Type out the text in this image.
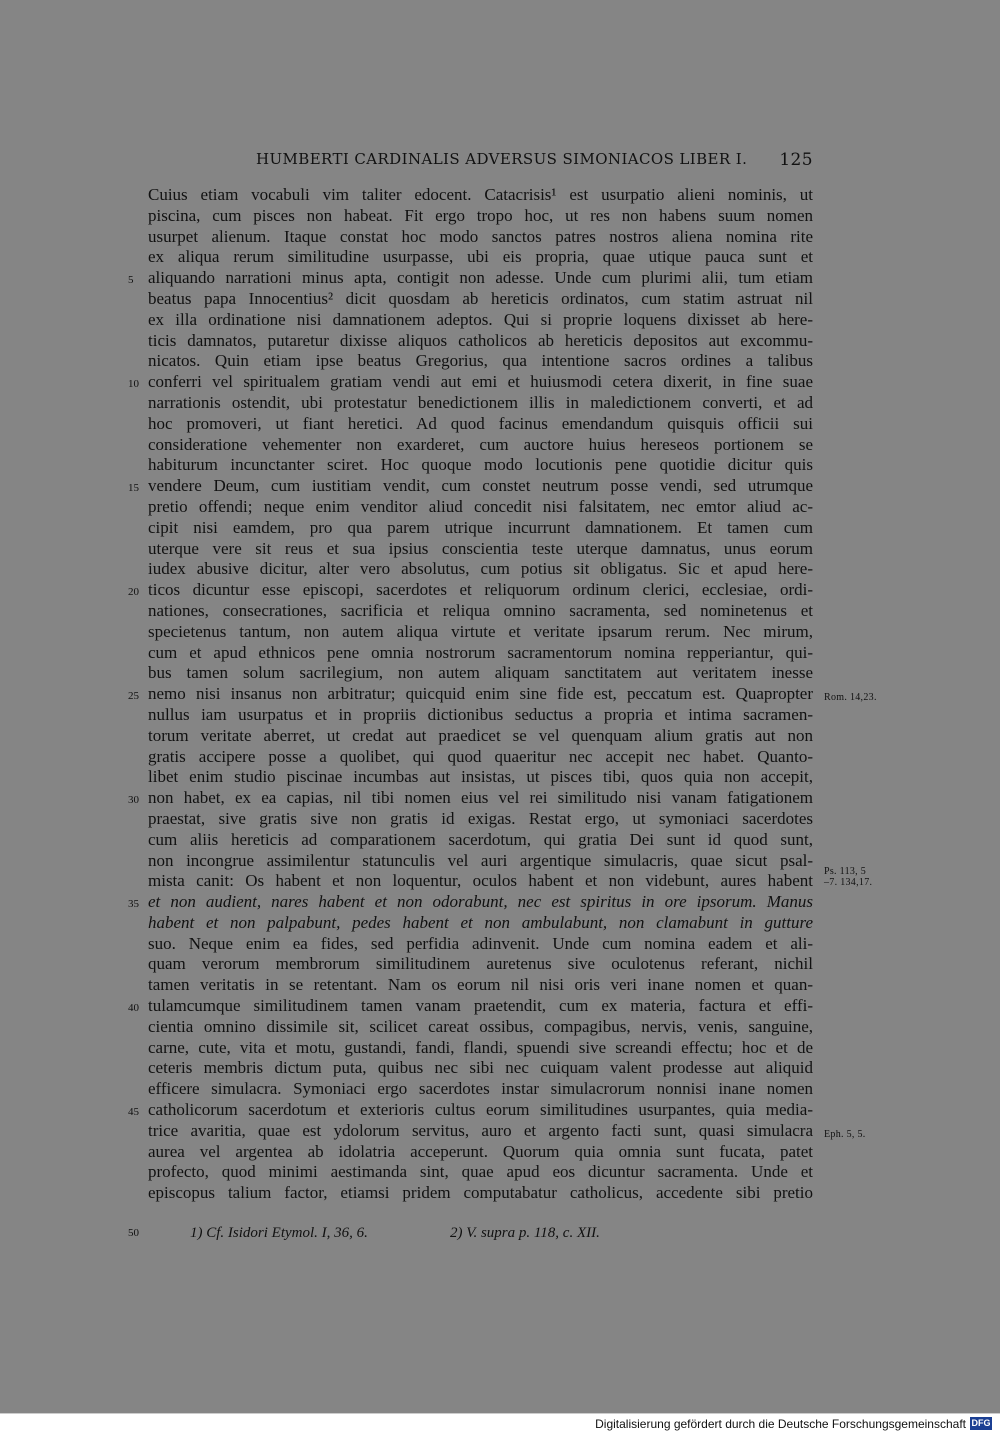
HUMBERTI CARDINALIS ADVERSUS SIMONIACOS LIBER I. 125
Cuius etiam vocabuli vim taliter edocent. Catacrisis¹ est usurpatio alieni nominis, ut
piscina, cum pisces non habeat. Fit ergo tropo hoc, ut res non habens suum nomen
usurpet alienum. Itaque constat hoc modo sanctos patres nostros aliena nomina rite
ex aliqua rerum similitudine usurpasse, ubi eis propria, quae utique pauca sunt et
5 aliquando narrationi minus apta, contigit non adesse. Unde cum plurimi alii, tum etiam
beatus papa Innocentius² dicit quosdam ab hereticis ordinatos, cum statim astruat nil
ex illa ordinatione nisi damnationem adeptos. Qui si proprie loquens dixisset ab here-
ticis damnatos, putaretur dixisse aliquos catholicos ab hereticis depositos aut excommu-
nicatos. Quin etiam ipse beatus Gregorius, qua intentione sacros ordines a talibus
10 conferri vel spiritualem gratiam vendi aut emi et huiusmodi cetera dixerit, in fine suae
narrationis ostendit, ubi protestatur benedictionem illis in maledictionem converti, et ad
hoc promoveri, ut fiant heretici. Ad quod facinus emendandum quisquis officii sui
consideratione vehementer non exarderet, cum auctore huius hereseos portionem se
habiturum incunctanter sciret. Hoc quoque modo locutionis pene quotidie dicitur quis
15 vendere Deum, cum iustitiam vendit, cum constet neutrum posse vendi, sed utrumque
pretio offendi; neque enim venditor aliud concedit nisi falsitatem, nec emtor aliud ac-
cipit nisi eamdem, pro qua parem utrique incurrunt damnationem. Et tamen cum
uterque vere sit reus et sua ipsius conscientia teste uterque damnatus, unus eorum
iudex abusive dicitur, alter vero absolutus, cum potius sit obligatus. Sic et apud here-
20 ticos dicuntur esse episcopi, sacerdotes et reliquorum ordinum clerici, ecclesiae, ordi-
nationes, consecrationes, sacrificia et reliqua omnino sacramenta, sed nominetenus et
specietenus tantum, non autem aliqua virtute et veritate ipsarum rerum. Nec mirum,
cum et apud ethnicos pene omnia nostrorum sacramentorum nomina repperiantur, qui-
bus tamen solum sacrilegium, non autem aliquam sanctitatem aut veritatem inesse
25 nemo nisi insanus non arbitratur; quicquid enim sine fide est, peccatum est. Quapropter Rom. 14,23.
nullus iam usurpatus et in propriis dictionibus seductus a propria et intima sacramen-
torum veritate aberret, ut credat aut praedicet se vel quenquam alium gratis aut non
gratis accipere posse a quolibet, qui quod quaeritur nec accepit nec habet. Quanto-
libet enim studio piscinae incumbas aut insistas, ut pisces tibi, quos quia non accepit,
30 non habet, ex ea capias, nil tibi nomen eius vel rei similitudo nisi vanam fatigationem
praestat, sive gratis sive non gratis id exigas. Restat ergo, ut symoniaci sacerdotes
cum aliis hereticis ad comparationem sacerdotum, qui gratia Dei sunt id quod sunt,
non incongrue assimilentur statunculis vel auri argentique simulacris, quae sicut psal-
mista canit: Os habent et non loquentur, oculos habent et non videbunt, aures habent Ps. 113, 5
–7. 134,17.
35 et non audient, nares habent et non odorabunt, nec est spiritus in ore ipsorum. Manus
habent et non palpabunt, pedes habent et non ambulabunt, non clamabunt in gutture
suo. Neque enim ea fides, sed perfidia adinvenit. Unde cum nomina eadem et ali-
quam verorum membrorum similitudinem auretenus sive oculotenus referant, nichil
tamen veritatis in se retentant. Nam os eorum nil nisi oris veri inane nomen et quan-
40 tulamcumque similitudinem tamen vanam praetendit, cum ex materia, factura et effi-
cientia omnino dissimile sit, scilicet careat ossibus, compagibus, nervis, venis, sanguine,
carne, cute, vita et motu, gustandi, fandi, flandi, spuendi sive screandi effectu; hoc et de
ceteris membris dictum puta, quibus nec sibi nec cuiquam valent prodesse aut aliquid
efficere simulacra. Symoniaci ergo sacerdotes instar simulacrorum nonnisi inane nomen
45 catholicorum sacerdotum et exterioris cultus eorum similitudines usurpantes, quia media-
trice avaritia, quae est ydolorum servitus, auro et argento facti sunt, quasi simulacra Eph. 5, 5.
aurea vel argentea ab idolatria acceperunt. Quorum quia omnia sunt fucata, patet
profecto, quod minimi aestimanda sint, quae apud eos dicuntur sacramenta. Unde et
episcopus talium factor, etiamsi pridem computabatur catholicus, accedente sibi pretio
50	1) Cf. Isidori Etymol. I, 36, 6.	2) V. supra p. 118, c. XII.
Digitalisierung gefördert durch die Deutsche Forschungsgemeinschaft DFG
